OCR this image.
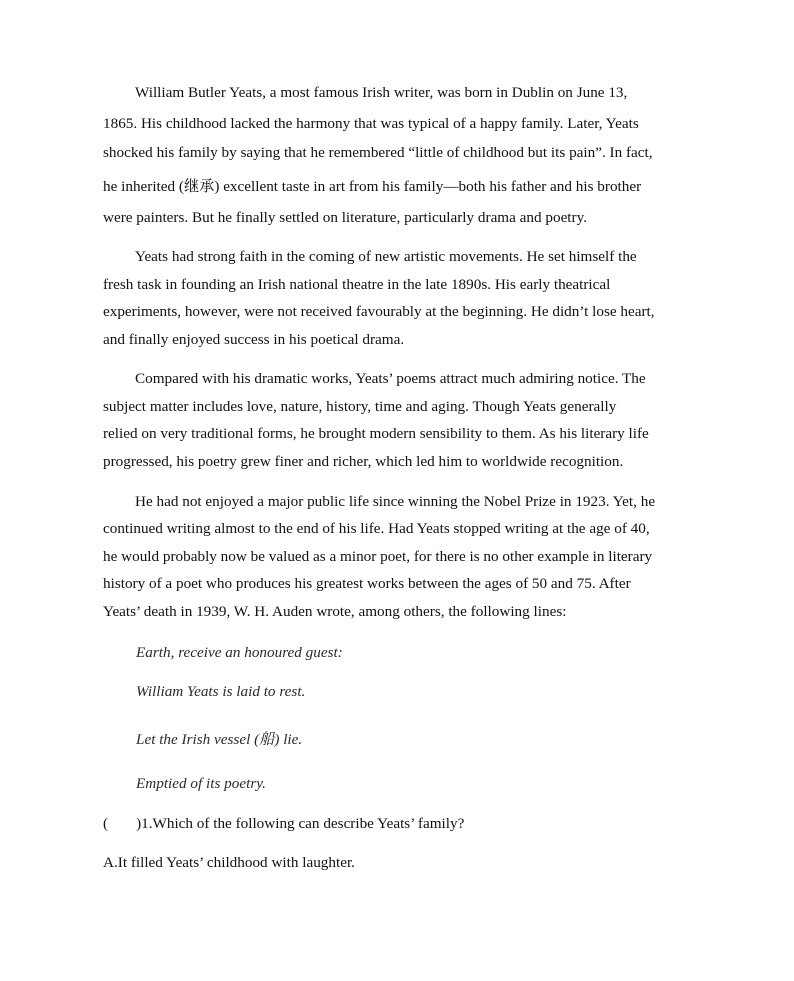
William Butler Yeats, a most famous Irish writer, was born in Dublin on June 13,
1865. His childhood lacked the harmony that was typical of a happy family. Later, Yeats
shocked his family by saying that he remembered “little of childhood but its pain”. In fact,
he inherited (继承) excellent taste in art from his family—both his father and his brother
were painters. But he finally settled on literature, particularly drama and poetry.
Yeats had strong faith in the coming of new artistic movements. He set himself the
fresh task in founding an Irish national theatre in the late 1890s. His early theatrical
experiments, however, were not received favourably at the beginning. He didn’t lose heart,
and finally enjoyed success in his poetical drama.
Compared with his dramatic works, Yeats’ poems attract much admiring notice. The
subject matter includes love, nature, history, time and aging. Though Yeats generally
relied on very traditional forms, he brought modern sensibility to them. As his literary life
progressed, his poetry grew finer and richer, which led him to worldwide recognition.
He had not enjoyed a major public life since winning the Nobel Prize in 1923. Yet, he
continued writing almost to the end of his life. Had Yeats stopped writing at the age of 40,
he would probably now be valued as a minor poet, for there is no other example in literary
history of a poet who produces his greatest works between the ages of 50 and 75. After
Yeats’ death in 1939, W. H. Auden wrote, among others, the following lines:

Earth, receive an honoured guest:

William Yeats is laid to rest.

Let the Irish vessel (船) lie.

Emptied of its poetry.

( )1.Which of the following can describe Yeats’ family?

A.It filled Yeats’ childhood with laughter.
